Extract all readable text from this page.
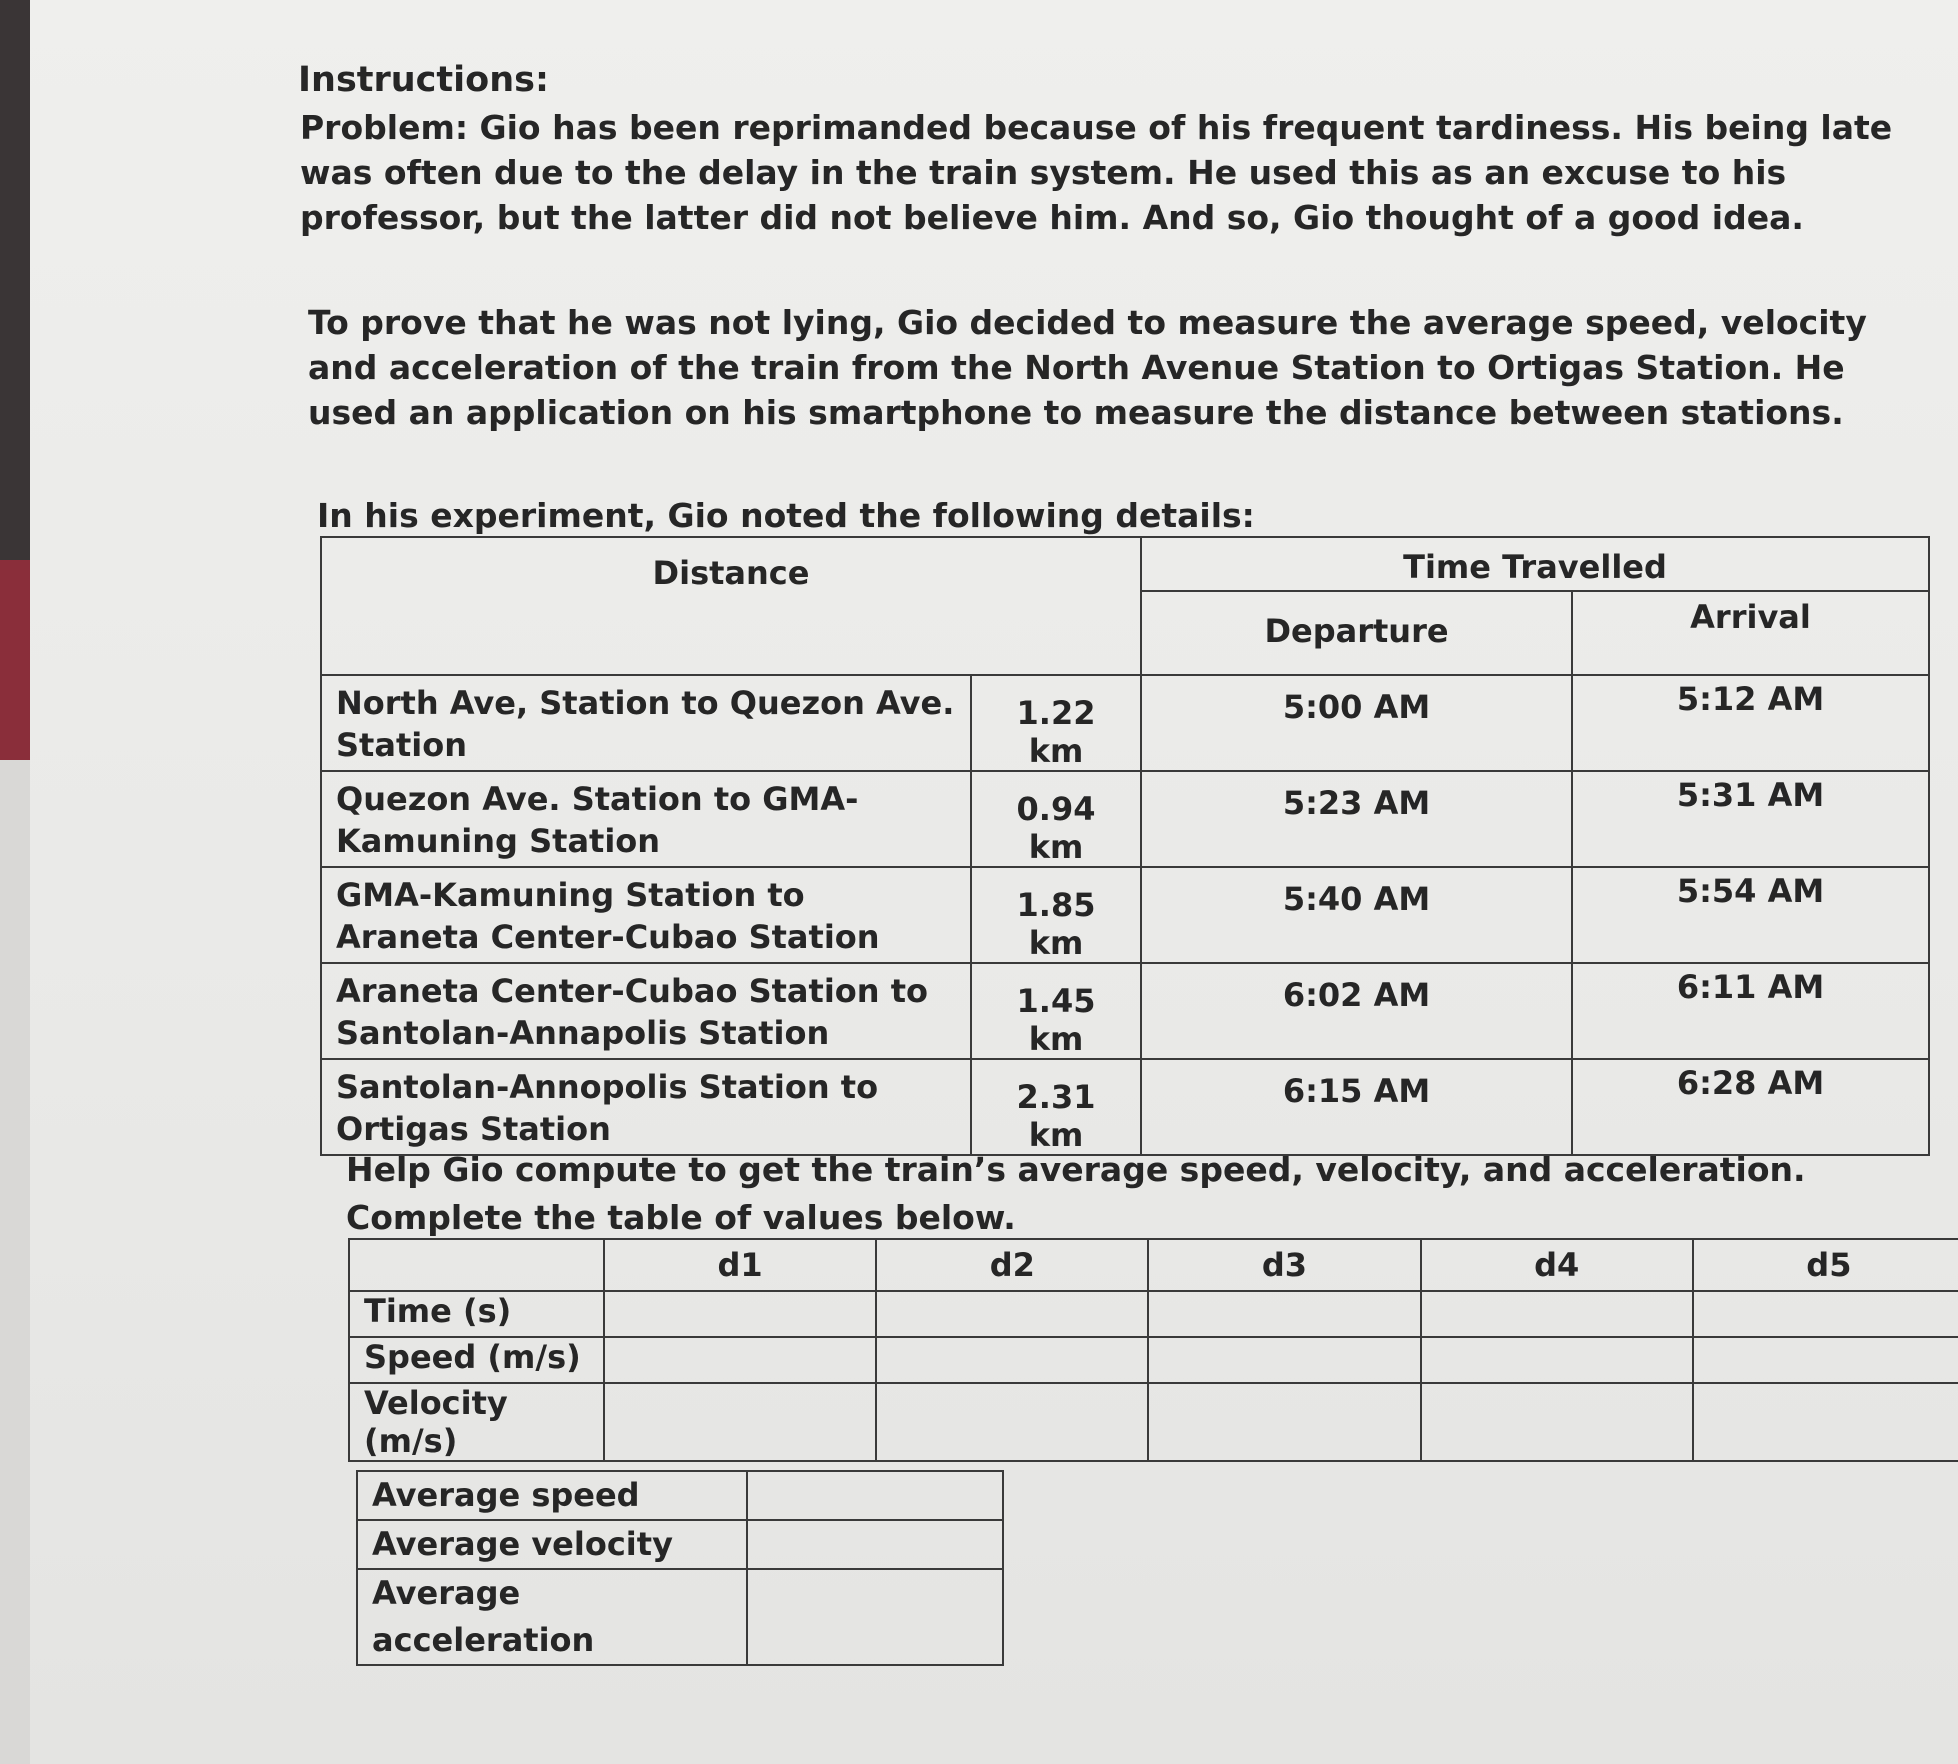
Instructions:

Problem: Gio has been reprimanded because of his frequent tardiness. His being late was often due to the delay in the train system. He used this as an excuse to his professor, but the latter did not believe him. And so, Gio thought of a good idea.

To prove that he was not lying, Gio decided to measure the average speed, velocity and acceleration of the train from the North Avenue Station to Ortigas Station. He used an application on his smartphone to measure the distance between stations.

In his experiment, Gio noted the following details:

Distance		Time Travelled	
		Departure	Arrival
North Ave, Station to Quezon Ave. Station	1.22 km	5:00 AM	5:12 AM
Quezon Ave. Station to GMA-Kamuning Station	0.94 km	5:23 AM	5:31 AM
GMA-Kamuning Station to Araneta Center-Cubao Station	1.85 km	5:40 AM	5:54 AM
Araneta Center-Cubao Station to Santolan-Annapolis Station	1.45 km	6:02 AM	6:11 AM
Santolan-Annopolis Station to Ortigas Station	2.31 km	6:15 AM	6:28 AM

Help Gio compute to get the train’s average speed, velocity, and acceleration.

Complete the table of values below.

	d1	d2	d3	d4	d5
Time (s)					
Speed (m/s)					
Velocity (m/s)					
Average speed	
Average velocity	
Average acceleration	
